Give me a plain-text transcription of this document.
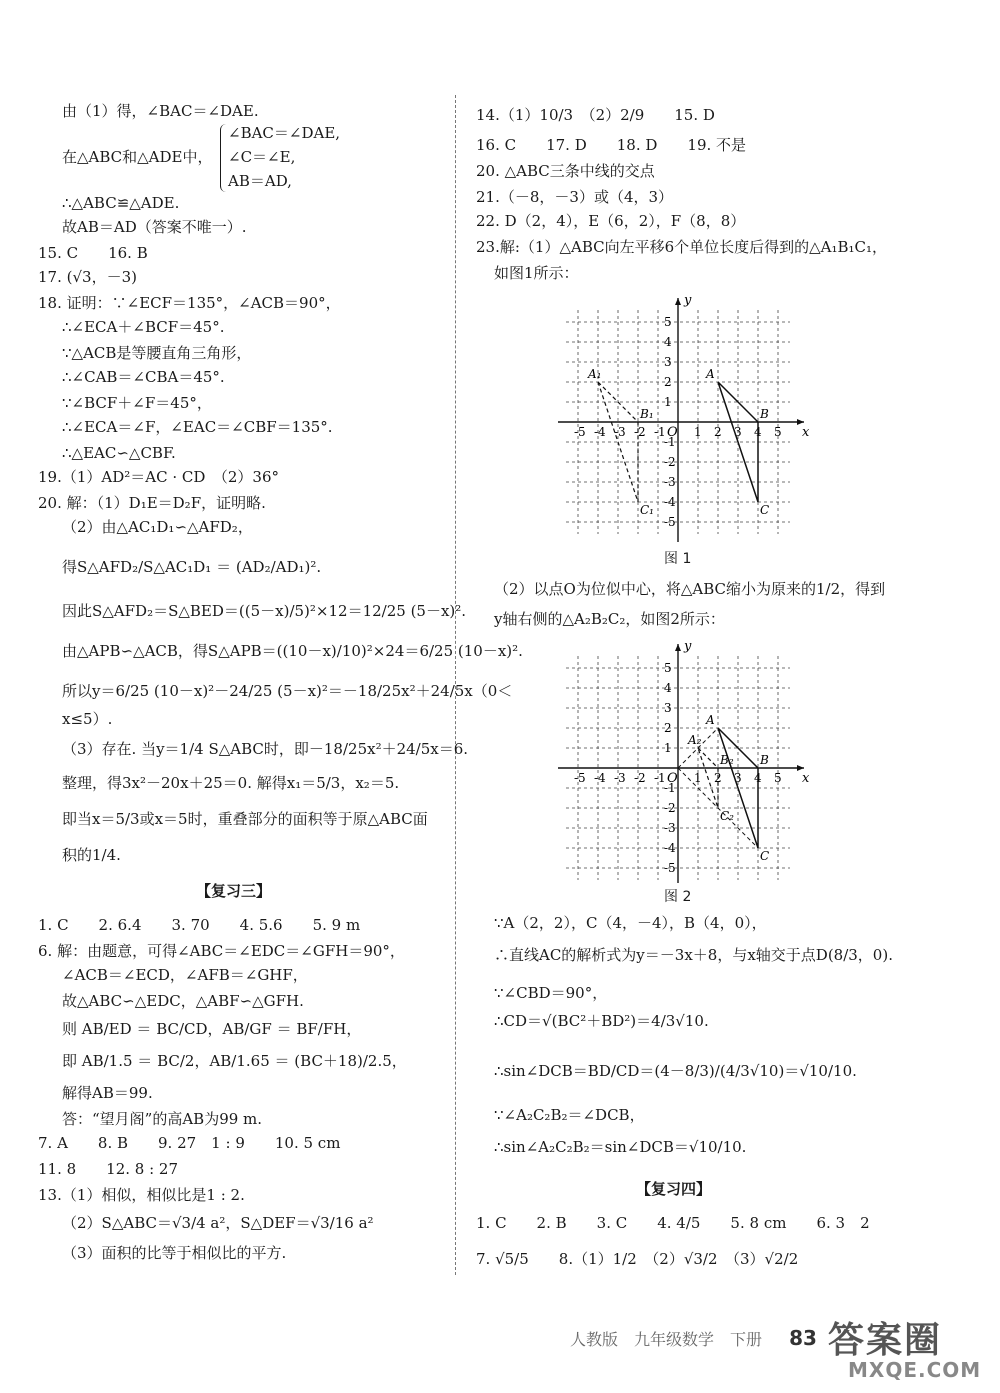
由（1）得，∠BAC＝∠DAE.
在△ABC和△ADE中，
∠BAC＝∠DAE,
∠C＝∠E,
AB＝AD,
∴△ABC≌△ADE.
故AB＝AD（答案不唯一）.
15. C　　16. B
17. (√3，－3)
18. 证明：∵∠ECF＝135°，∠ACB＝90°，
∴∠ECA＋∠BCF＝45°.
∵△ACB是等腰直角三角形，
∴∠CAB＝∠CBA＝45°.
∵∠BCF＋∠F＝45°，
∴∠ECA＝∠F，∠EAC＝∠CBF＝135°.
∴△EAC∽△CBF.
19.（1）AD²＝AC · CD　（2）36°
20. 解：（1）D₁E＝D₂F，证明略.
（2）由△AC₁D₁∽△AFD₂，
得S△AFD₂/S△AC₁D₁ ＝ (AD₂/AD₁)².
因此S△AFD₂＝S△BED＝((5－x)/5)²×12＝12/25 (5－x)².
由△APB∽△ACB，得S△APB＝((10－x)/10)²×24＝6/25 (10－x)².
所以y＝6/25 (10－x)²－24/25 (5－x)²＝－18/25x²＋24/5x（0＜
x≤5）.
（3）存在. 当y＝1/4 S△ABC时，即－18/25x²＋24/5x＝6.
整理，得3x²－20x＋25＝0. 解得x₁＝5/3，x₂＝5.
即当x＝5/3或x＝5时，重叠部分的面积等于原△ABC面
积的1/4.
【复习三】
1. C　　2. 6.4　　3. 70　　4. 5.6　　5. 9 m
6. 解：由题意，可得∠ABC＝∠EDC＝∠GFH＝90°，
∠ACB＝∠ECD，∠AFB＝∠GHF，
故△ABC∽△EDC，△ABF∽△GFH.
则 AB/ED ＝ BC/CD，AB/GF ＝ BF/FH，
即 AB/1.5 ＝ BC/2，AB/1.65 ＝ (BC＋18)/2.5，
解得AB＝99.
答：“望月阁”的高AB为99 m.
7. A　　8. B　　9. 27　1 : 9　　10. 5 cm
11. 8　　12. 8 : 27
13.（1）相似，相似比是1 : 2.
（2）S△ABC＝√3/4 a²，S△DEF＝√3/16 a²
（3）面积的比等于相似比的平方.
14.（1）10/3　（2）2/9　　15. D
16. C　　17. D　　18. D　　19. 不是
20. △ABC三条中线的交点
21.（－8，－3）或（4，3）
22. D（2，4），E（6，2），F（8，8）
23.解:（1）△ABC向左平移6个单位长度后得到的△A₁B₁C₁，
如图1所示：
x
y
O
-5 -4 -3 -2 -1 1 2 3 4 5
5
4
3
2
1
-1
-2
-3
-4
-5
A
B
C
A₁
B₁
C₁
图 1
（2）以点O为位似中心，将△ABC缩小为原来的1/2，得到
y轴右侧的△A₂B₂C₂，如图2所示：
x
y
O
-5 -4 -3 -2 -1 1 2 3 4 5
5
4
3
2
1
-1
-2
-3
-4
-5
A
B
C
A₂
B₂
C₂
图 2
∵A（2，2），C（4，－4），B（4，0），
∴直线AC的解析式为y＝－3x＋8，与x轴交于点D(8/3，0).
∵∠CBD＝90°，
∴CD＝√(BC²＋BD²)＝4/3√10.
∴sin∠DCB＝BD/CD＝(4－8/3)/(4/3√10)＝√10/10.
∵∠A₂C₂B₂＝∠DCB，
∴sin∠A₂C₂B₂＝sin∠DCB＝√10/10.
【复习四】
1. C　　2. B　　3. C　　4. 4/5　　5. 8 cm　　6. 3　2
7. √5/5　　8.（1）1/2　（2）√3/2　（3）√2/2
人教版　九年级数学　下册 83 答案圈
MXQE.COM
